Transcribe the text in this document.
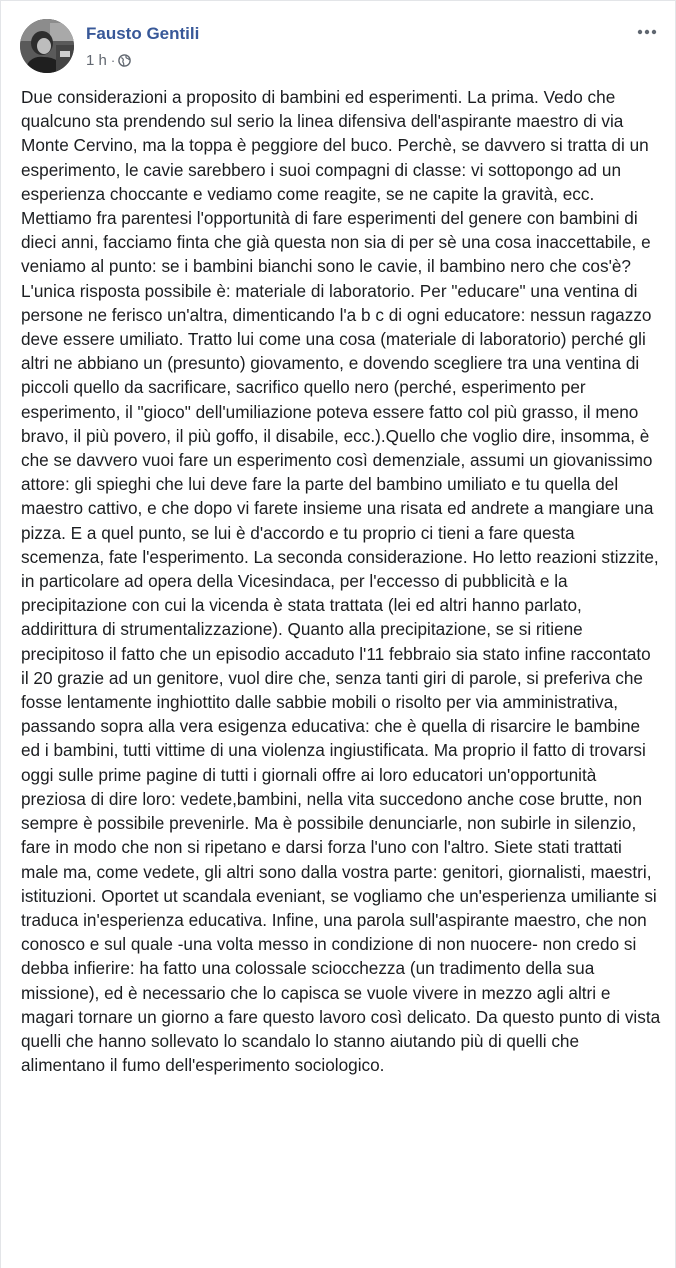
Fausto Gentili
1 h ·

Due considerazioni a proposito di bambini ed esperimenti. La prima. Vedo che qualcuno sta prendendo sul serio la linea difensiva dell'aspirante maestro di via Monte Cervino, ma la toppa è peggiore del buco. Perchè, se davvero si tratta di un esperimento, le cavie sarebbero i suoi compagni di classe: vi sottopongo ad un esperienza choccante e vediamo come reagite, se ne capite la gravità, ecc. Mettiamo fra parentesi l'opportunità di fare esperimenti del genere con bambini di dieci anni, facciamo finta che già questa non sia di per sè una cosa inaccettabile, e veniamo al punto: se i bambini bianchi sono le cavie, il bambino nero che cos'è? L'unica risposta possibile è: materiale di laboratorio. Per "educare" una ventina di persone ne ferisco un'altra, dimenticando l'a b c di ogni educatore: nessun ragazzo deve essere umiliato. Tratto lui come una cosa (materiale di laboratorio) perché gli altri ne abbiano un (presunto) giovamento, e dovendo scegliere tra una ventina di piccoli quello da sacrificare, sacrifico quello nero (perché, esperimento per esperimento, il "gioco" dell'umiliazione poteva essere fatto col più grasso, il meno bravo, il più povero, il più goffo, il disabile, ecc.).Quello che voglio dire, insomma, è che se davvero vuoi fare un esperimento così demenziale, assumi un giovanissimo attore: gli spieghi che lui deve fare la parte del bambino umiliato e tu quella del maestro cattivo, e che dopo vi farete insieme una risata ed andrete a mangiare una pizza. E a quel punto, se lui è d'accordo e tu proprio ci tieni a fare questa scemenza, fate l'esperimento. La seconda considerazione. Ho letto reazioni stizzite, in particolare ad opera della Vicesindaca, per l'eccesso di pubblicità e la precipitazione con cui la vicenda è stata trattata (lei ed altri hanno parlato, addirittura di strumentalizzazione). Quanto alla precipitazione, se si ritiene precipitoso il fatto che un episodio accaduto l'11 febbraio sia stato infine raccontato il 20 grazie ad un genitore, vuol dire che, senza tanti giri di parole, si preferiva che fosse lentamente inghiottito dalle sabbie mobili o risolto per via amministrativa, passando sopra alla vera esigenza educativa: che è quella di risarcire le bambine ed i bambini, tutti vittime di una violenza ingiustificata. Ma proprio il fatto di trovarsi oggi sulle prime pagine di tutti i giornali offre ai loro educatori un'opportunità preziosa di dire loro: vedete,bambini, nella vita succedono anche cose brutte, non sempre è possibile prevenirle. Ma è possibile denunciarle, non subirle in silenzio, fare in modo che non si ripetano e darsi forza l'uno con l'altro. Siete stati trattati male ma, come vedete, gli altri sono dalla vostra parte: genitori, giornalisti, maestri, istituzioni. Oportet ut scandala eveniant, se vogliamo che un'esperienza umiliante si traduca in'esperienza educativa. Infine, una parola sull'aspirante maestro, che non conosco e sul quale -una volta messo in condizione di non nuocere- non credo si debba infierire: ha fatto una colossale sciocchezza (un tradimento della sua missione), ed è necessario che lo capisca se vuole vivere in mezzo agli altri e magari tornare un giorno a fare questo lavoro così delicato. Da questo punto di vista quelli che hanno sollevato lo scandalo lo stanno aiutando più di quelli che alimentano il fumo dell'esperimento sociologico.
